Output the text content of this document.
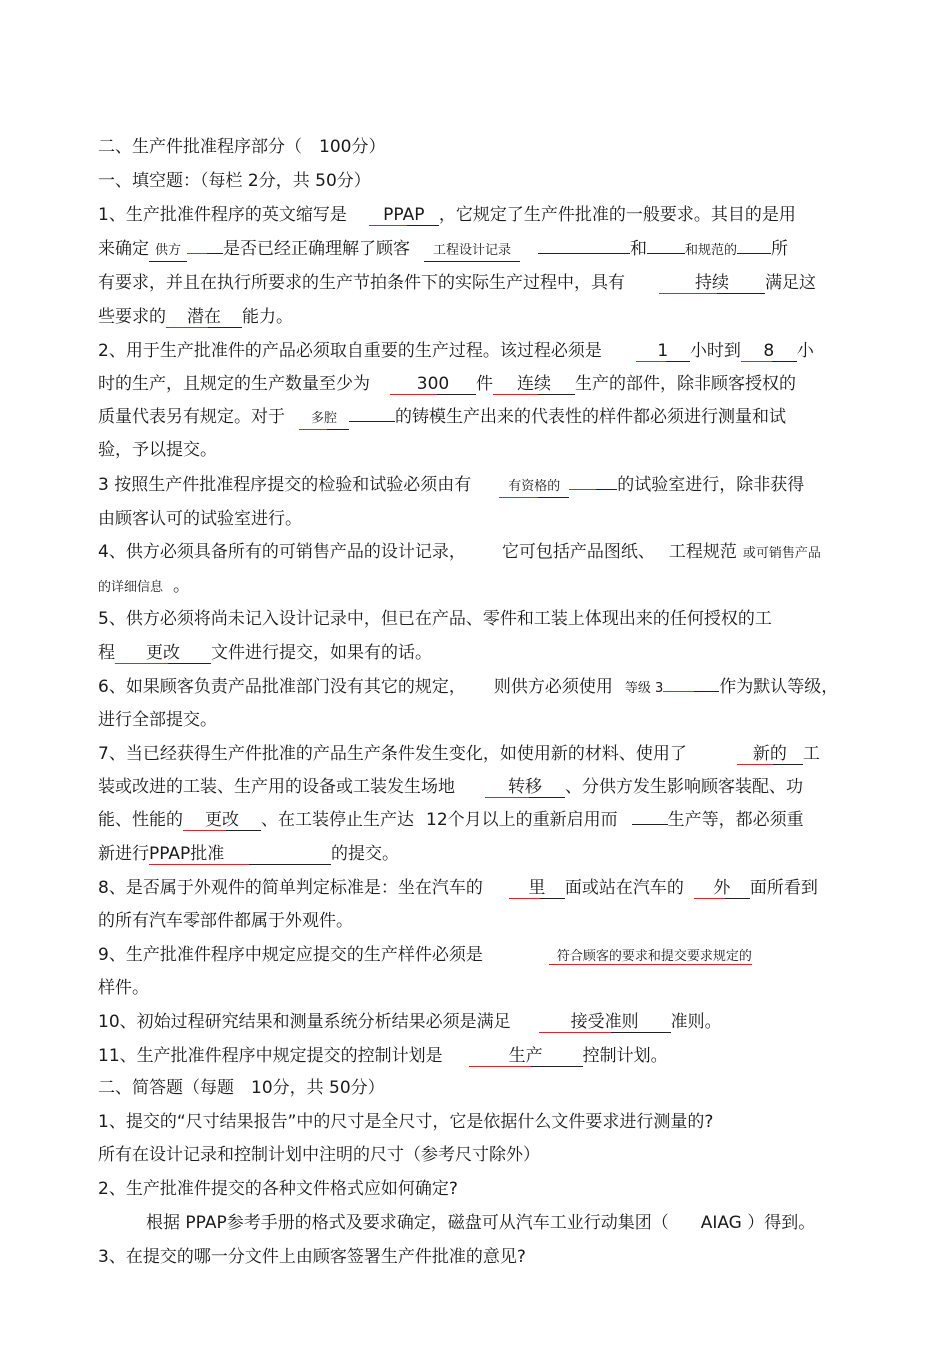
二、生产件批准程序部分（　100分）
一、填空题：（每栏 2分，共 50分）
1、生产批准件程序的英文缩写是 PPAP ，它规定了生产件批准的一般要求。其目的是用
来确定 供方 是否已经正确理解了顾客 工程设计记录	和	和规范的 所
有要求，并且在执行所要求的生产节拍条件下的实际生产过程中，具有	持续 满足这
些要求的 潜在 能力。
2、用于生产批准件的产品必须取自重要的生产过程。该过程必须是	1 小时到 8 小
时的生产，且规定的生产数量至少为	300 件 连续 生产的部件，除非顾客授权的
质量代表另有规定。对于 多腔	的铸模生产出来的代表性的样件都必须进行测量和试
验，予以提交。
3 按照生产件批准程序提交的检验和试验必须由有	有资格的	的试验室进行，除非获得
由顾客认可的试验室进行。
4、供方必须具备所有的可销售产品的设计记录， 它可包括产品图纸、 工程规范 或可销售产品
的详细信息 。
5、供方必须将尚未记入设计记录中，但已在产品、零件和工装上体现出来的任何授权的工
程 更改 文件进行提交，如果有的话。
6、如果顾客负责产品批准部门没有其它的规定， 则供方必须使用 等级 3	作为默认等级，
进行全部提交。
7、当已经获得生产件批准的产品生产条件发生变化，如使用新的材料、使用了	新的 工
装或改进的工装、生产用的设备或工装发生场地	转移 、分供方发生影响顾客装配、功
能、性能的 更改 、在工装停止生产达 12个月以上的重新启用而	生产等，都必须重
新进行PPAP批准	的提交。
8、是否属于外观件的简单判定标准是：坐在汽车的	里 面或站在汽车的 外 面所看到
的所有汽车零部件都属于外观件。
9、生产批准件程序中规定应提交的生产样件必须是	符合顾客的要求和提交要求规定的
样件。
10、初始过程研究结果和测量系统分析结果必须是满足	接受准则 准则。
11、生产批准件程序中规定提交的控制计划是	生产 控制计划。
二、简答题（每题　10分，共 50分）
1、提交的“尺寸结果报告”中的尺寸是全尺寸，它是依据什么文件要求进行测量的?
所有在设计记录和控制计划中注明的尺寸（参考尺寸除外）
2、生产批准件提交的各种文件格式应如何确定?
根据 PPAP参考手册的格式及要求确定，磁盘可从汽车工业行动集团（ AIAG ）得到。
3、在提交的哪一分文件上由顾客签署生产件批准的意见?
